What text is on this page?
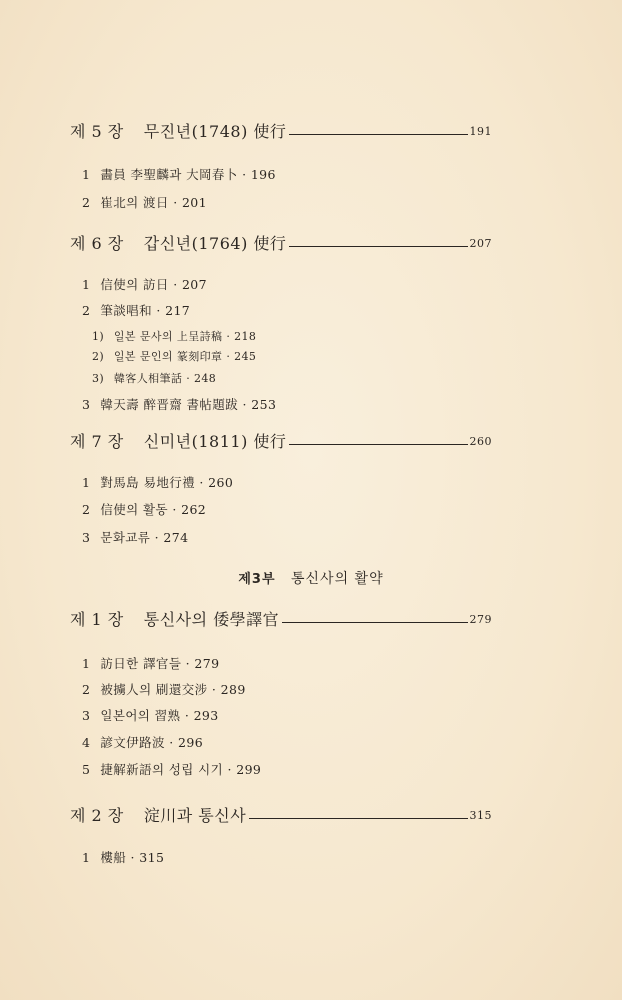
제 5 장 무진년(1748) 使行	191
1 畵員 李聖麟과 大岡春卜 · 196
2 崔北의 渡日 · 201
제 6 장 갑신년(1764) 使行	207
1 信使의 訪日 · 207
2 筆談唱和 · 217
1) 일본 문사의 上呈詩稿 · 218
2) 일본 문인의 篆刻印章 · 245
3) 韓客人相筆話 · 248
3 韓天壽 醉晋齋 書帖題跋 · 253
제 7 장 신미년(1811) 使行	260
1 對馬島 易地行禮 · 260
2 信使의 활동 · 262
3 문화교류 · 274
제3부 통신사의 활약
제 1 장 통신사의 倭學譯官	279
1 訪日한 譯官들 · 279
2 被擄人의 刷還交涉 · 289
3 일본어의 習熟 · 293
4 諺文伊路波 · 296
5 捷解新語의 성립 시기 · 299
제 2 장 淀川과 통신사	315
1 樓船 · 315
